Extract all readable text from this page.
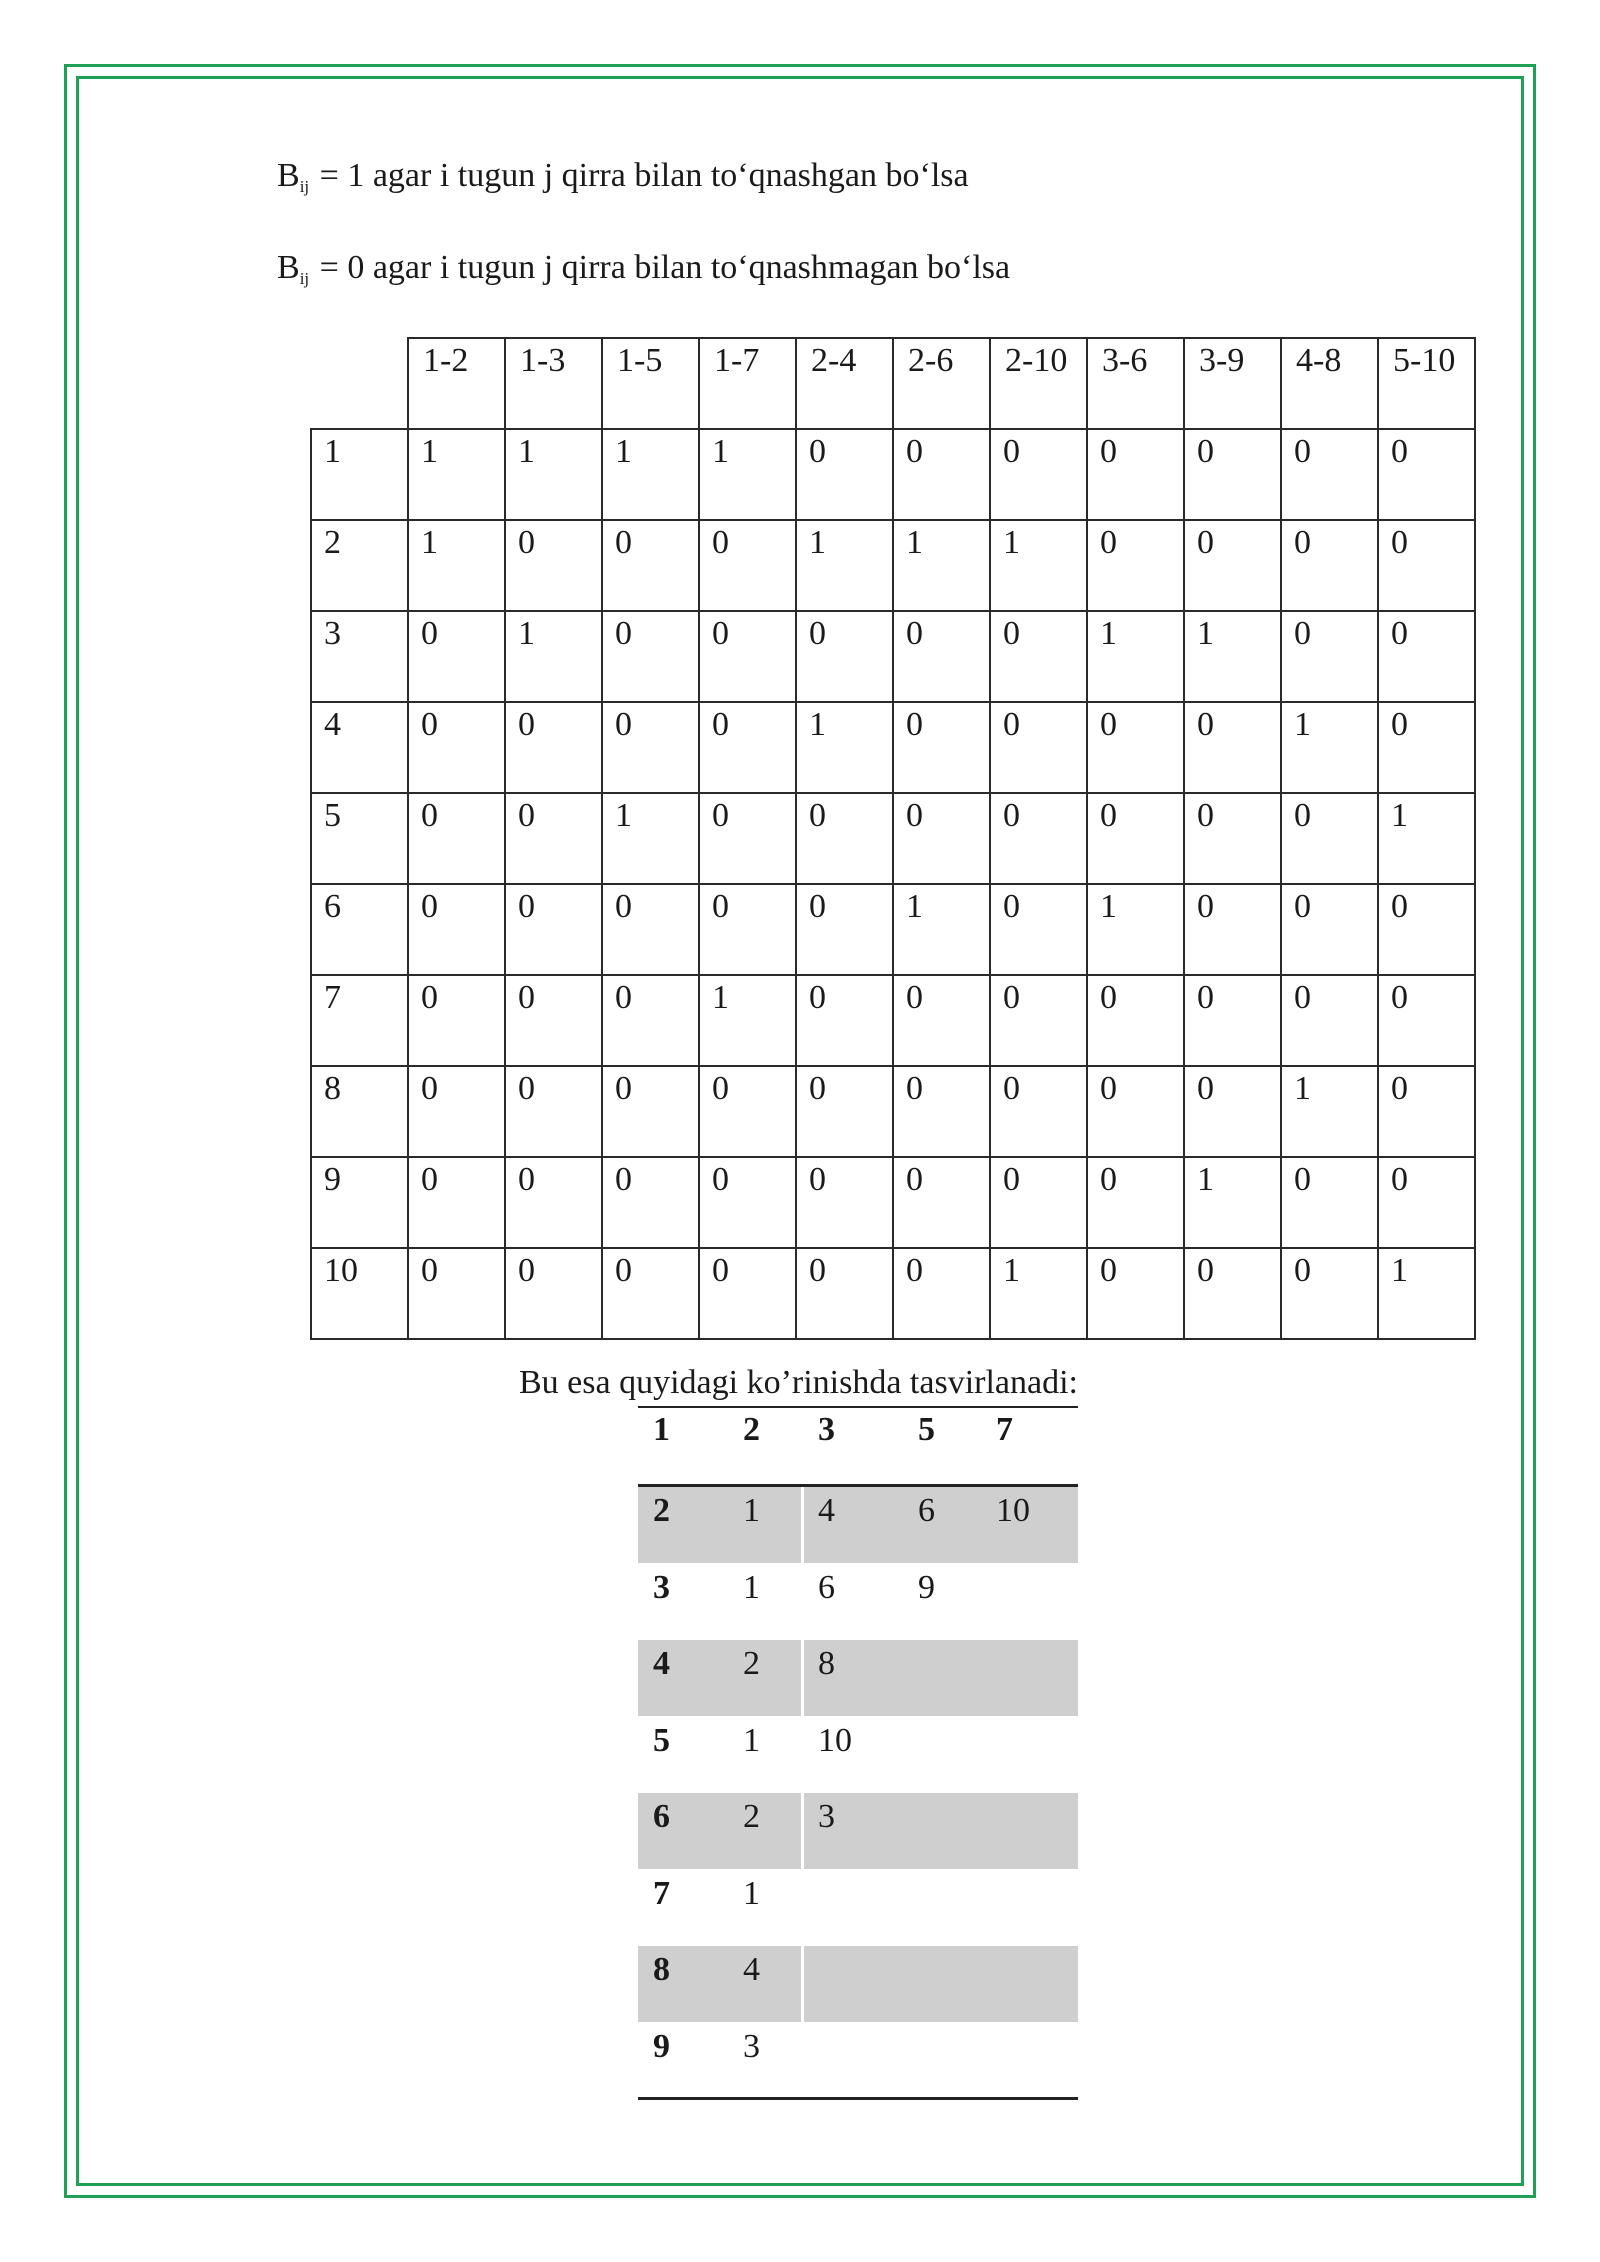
$B_{ij} = 1$ agar i tugun j qirra bilan to‘qnashgan bo‘lsa
$B_{ij} = 0$ agar i tugun j qirra bilan to‘qnashmagan bo‘lsa
	1-2	1-3	1-5	1-7	2-4	2-6	2-10	3-6	3-9	4-8	5-10
1	1	1	1	1	0	0	0	0	0	0	0
2	1	0	0	0	1	1	1	0	0	0	0
3	0	1	0	0	0	0	0	1	1	0	0
4	0	0	0	0	1	0	0	0	0	1	0
5	0	0	1	0	0	0	0	0	0	0	1
6	0	0	0	0	0	1	0	1	0	0	0
7	0	0	0	1	0	0	0	0	0	0	0
8	0	0	0	0	0	0	0	0	0	1	0
9	0	0	0	0	0	0	0	0	1	0	0
10	0	0	0	0	0	0	1	0	0	0	1
Bu esa quyidagi ko’rinishda tasvirlanadi:
1 2 3 5 7
2 1 4 6 10
3 1 6 9
4 2 8
5 1 10
6 2 3
7 1
8 4
9 3
